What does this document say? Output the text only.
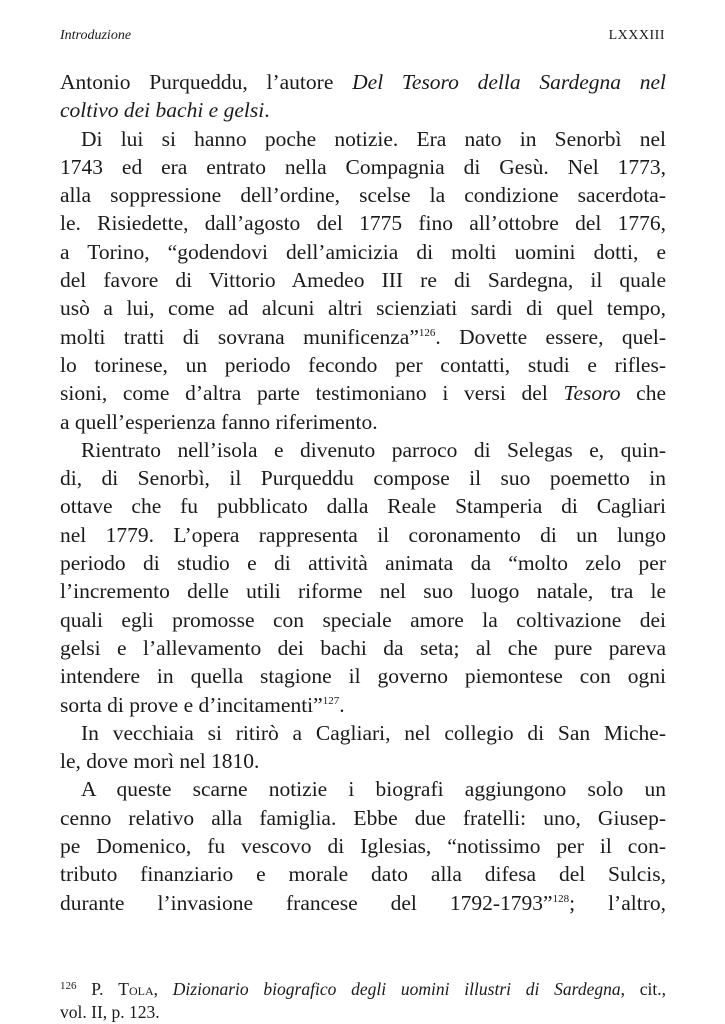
Introduzione	LXXXIII
Antonio Purqueddu, l’autore Del Tesoro della Sardegna nel
coltivo dei bachi e gelsi.
Di lui si hanno poche notizie. Era nato in Senorbì nel
1743 ed era entrato nella Compagnia di Gesù. Nel 1773,
alla soppressione dell’ordine, scelse la condizione sacerdota-
le. Risiedette, dall’agosto del 1775 fino all’ottobre del 1776,
a Torino, “godendovi dell’amicizia di molti uomini dotti, e
del favore di Vittorio Amedeo III re di Sardegna, il quale
usò a lui, come ad alcuni altri scienziati sardi di quel tempo,
molti tratti di sovrana munificenza”$^{126}$. Dovette essere, quel-
lo torinese, un periodo fecondo per contatti, studi e rifles-
sioni, come d’altra parte testimoniano i versi del Tesoro che
a quell’esperienza fanno riferimento.
Rientrato nell’isola e divenuto parroco di Selegas e, quin-
di, di Senorbì, il Purqueddu compose il suo poemetto in
ottave che fu pubblicato dalla Reale Stamperia di Cagliari
nel 1779. L’opera rappresenta il coronamento di un lungo
periodo di studio e di attività animata da “molto zelo per
l’incremento delle utili riforme nel suo luogo natale, tra le
quali egli promosse con speciale amore la coltivazione dei
gelsi e l’allevamento dei bachi da seta; al che pure pareva
intendere in quella stagione il governo piemontese con ogni
sorta di prove e d’incitamenti”$^{127}$.
In vecchiaia si ritirò a Cagliari, nel collegio di San Miche-
le, dove morì nel 1810.
A queste scarne notizie i biografi aggiungono solo un
cenno relativo alla famiglia. Ebbe due fratelli: uno, Giusep-
pe Domenico, fu vescovo di Iglesias, “notissimo per il con-
tributo finanziario e morale dato alla difesa del Sulcis,
durante l’invasione francese del 1792-1793”$^{128}$; l’altro,
$^{126}$ P. Tola, Dizionario biografico degli uomini illustri di Sardegna, cit.,
vol. II, p. 123.
